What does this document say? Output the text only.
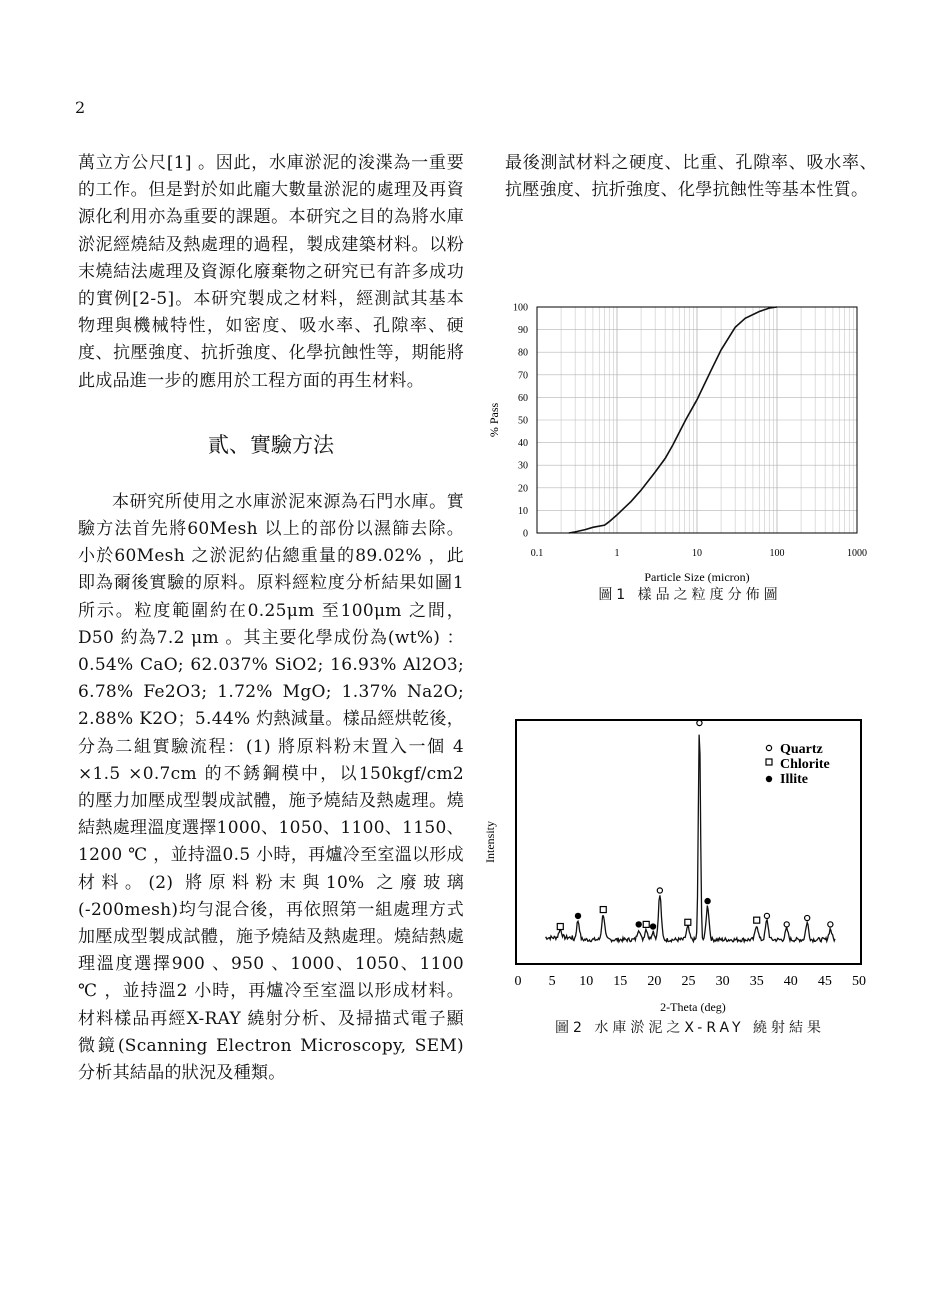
2

萬立方公尺[1] 。因此，水庫淤泥的浚渫為一重要的工作。但是對於如此龐大數量淤泥的處理及再資源化利用亦為重要的課題。本研究之目的為將水庫淤泥經燒結及熱處理的過程，製成建築材料。以粉末燒結法處理及資源化廢棄物之研究已有許多成功的實例[2-5]。本研究製成之材料，經測試其基本物理與機械特性，如密度、吸水率、孔隙率、硬度、抗壓強度、抗折強度、化學抗蝕性等，期能將此成品進一步的應用於工程方面的再生材料。

貳、實驗方法

本研究所使用之水庫淤泥來源為石門水庫。實驗方法首先將60Mesh 以上的部份以濕篩去除。小於60Mesh 之淤泥約佔總重量的89.02% ，此即為爾後實驗的原料。原料經粒度分析結果如圖1 所示。粒度範圍約在0.25μm 至100μm 之間，D50 約為7.2 μm 。其主要化學成份為(wt%) ：0.54% CaO; 62.037% SiO2; 16.93% Al2O3; 6.78% Fe2O3; 1.72% MgO; 1.37% Na2O; 2.88% K2O；5.44% 灼熱減量。樣品經烘乾後，分為二組實驗流程：(1) 將原料粉末置入一個 4 ×1.5 ×0.7cm 的不銹鋼模中，以150kgf/cm2 的壓力加壓成型製成試體，施予燒結及熱處理。燒結熱處理溫度選擇1000、1050、1100、1150、1200 ℃ ，並持溫0.5 小時，再爐冷至室溫以形成材料。(2) 將原料粉末與10% 之廢玻璃(-200mesh)均勻混合後，再依照第一組處理方式加壓成型製成試體，施予燒結及熱處理。燒結熱處理溫度選擇900 、950 、1000、1050、1100 ℃ ，並持溫2 小時，再爐冷至室溫以形成材料。材料樣品再經X-RAY 繞射分析、及掃描式電子顯微鏡(Scanning Electron Microscopy, SEM) 分析其結晶的狀況及種類。

最後測試材料之硬度、比重、孔隙率、吸水率、抗壓強度、抗折強度、化學抗蝕性等基本性質。

0
10
20
30
40
50
60
70
80
90
100
0.1	1	10	100	1000
% Pass
Particle Size (micron)
圖1 樣品之粒度分佈圖
0 5 10 15 20 25 30 35 40 45 50
Intensity
2-Theta (deg)
Quartz
Chlorite
Illite
圖2 水庫淤泥之X-RAY 繞射結果
